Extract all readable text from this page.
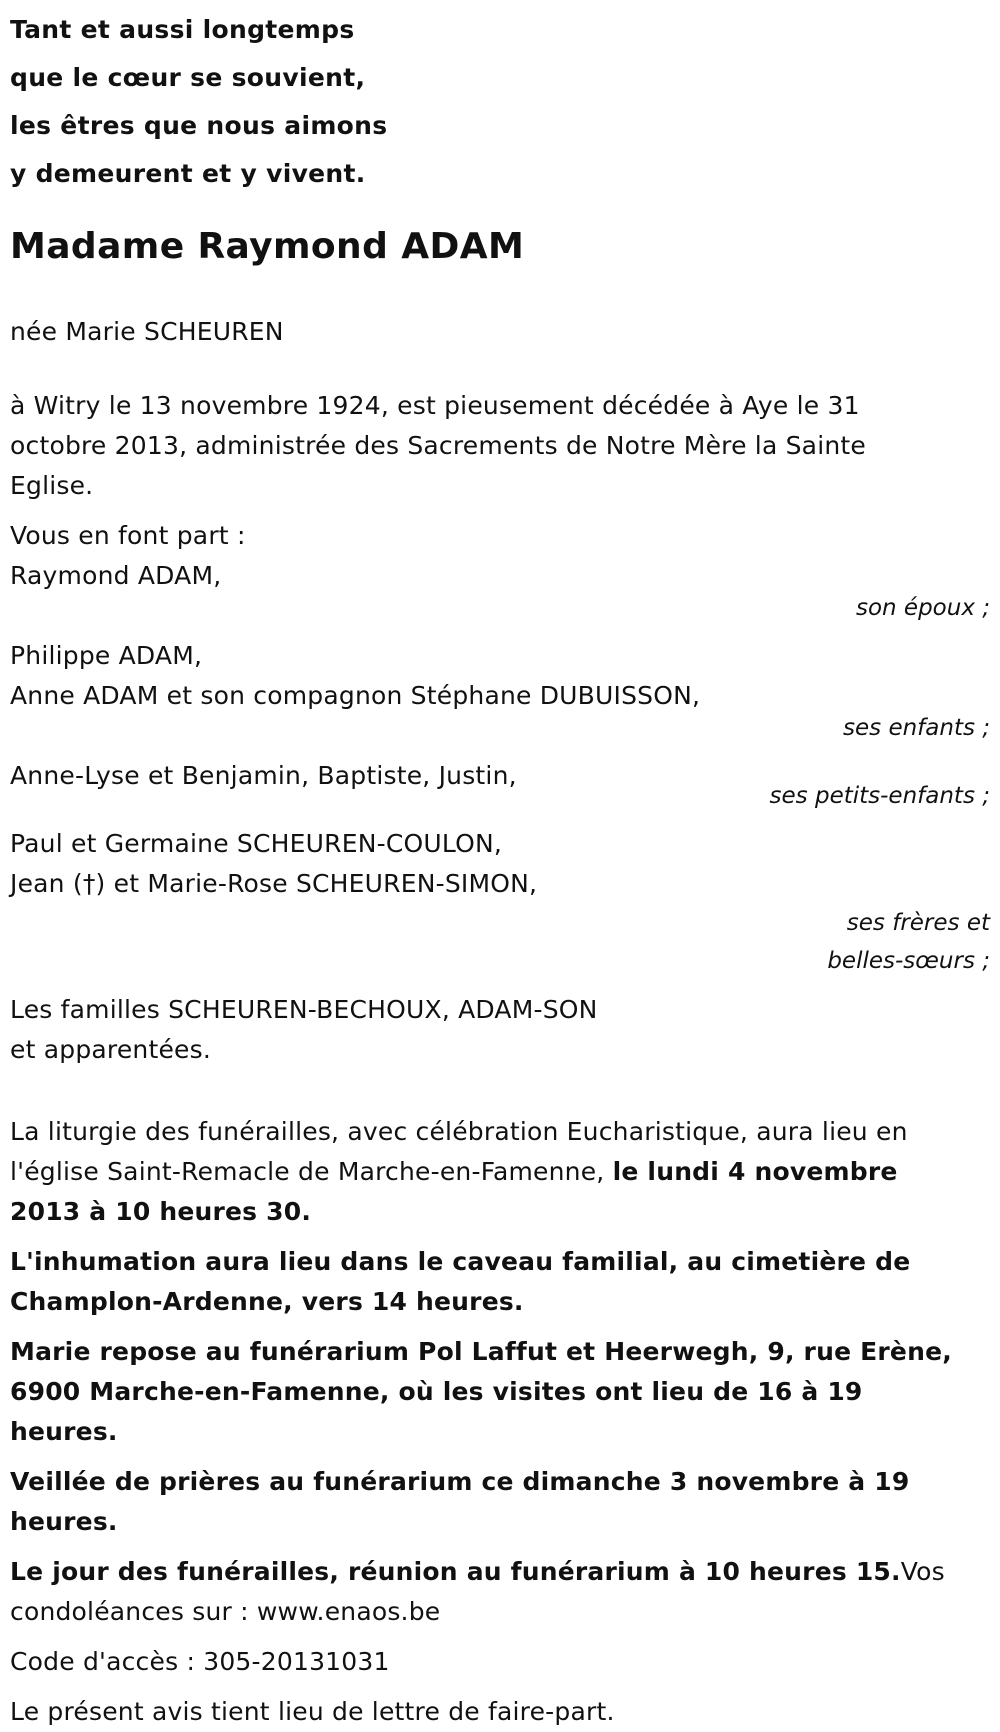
Tant et aussi longtemps

que le cœur se souvient,

les êtres que nous aimons

y demeurent et y vivent.

Madame Raymond ADAM

née Marie SCHEUREN

à Witry le 13 novembre 1924, est pieusement décédée à Aye le 31 octobre 2013, administrée des Sacrements de Notre Mère la Sainte Eglise.

Vous en font part :

Raymond ADAM,

son époux ;

Philippe ADAM,

Anne ADAM et son compagnon Stéphane DUBUISSON,

ses enfants ;

Anne-Lyse et Benjamin, Baptiste, Justin,

ses petits-enfants ;

Paul et Germaine SCHEUREN-COULON,

Jean (†) et Marie-Rose SCHEUREN-SIMON,

ses frères et

belles-sœurs ;

Les familles SCHEUREN-BECHOUX, ADAM-SON

et apparentées.

La liturgie des funérailles, avec célébration Eucharistique, aura lieu en l'église Saint-Remacle de Marche-en-Famenne, le lundi 4 novembre 2013 à 10 heures 30.

L'inhumation aura lieu dans le caveau familial, au cimetière de Champlon-Ardenne, vers 14 heures.

Marie repose au funérarium Pol Laffut et Heerwegh, 9, rue Erène, 6900 Marche-en-Famenne, où les visites ont lieu de 16 à 19 heures.

Veillée de prières au funérarium ce dimanche 3 novembre à 19 heures.

Le jour des funérailles, réunion au funérarium à 10 heures 15.Vos condoléances sur : www.enaos.be

Code d'accès : 305-20131031

Le présent avis tient lieu de lettre de faire-part.
